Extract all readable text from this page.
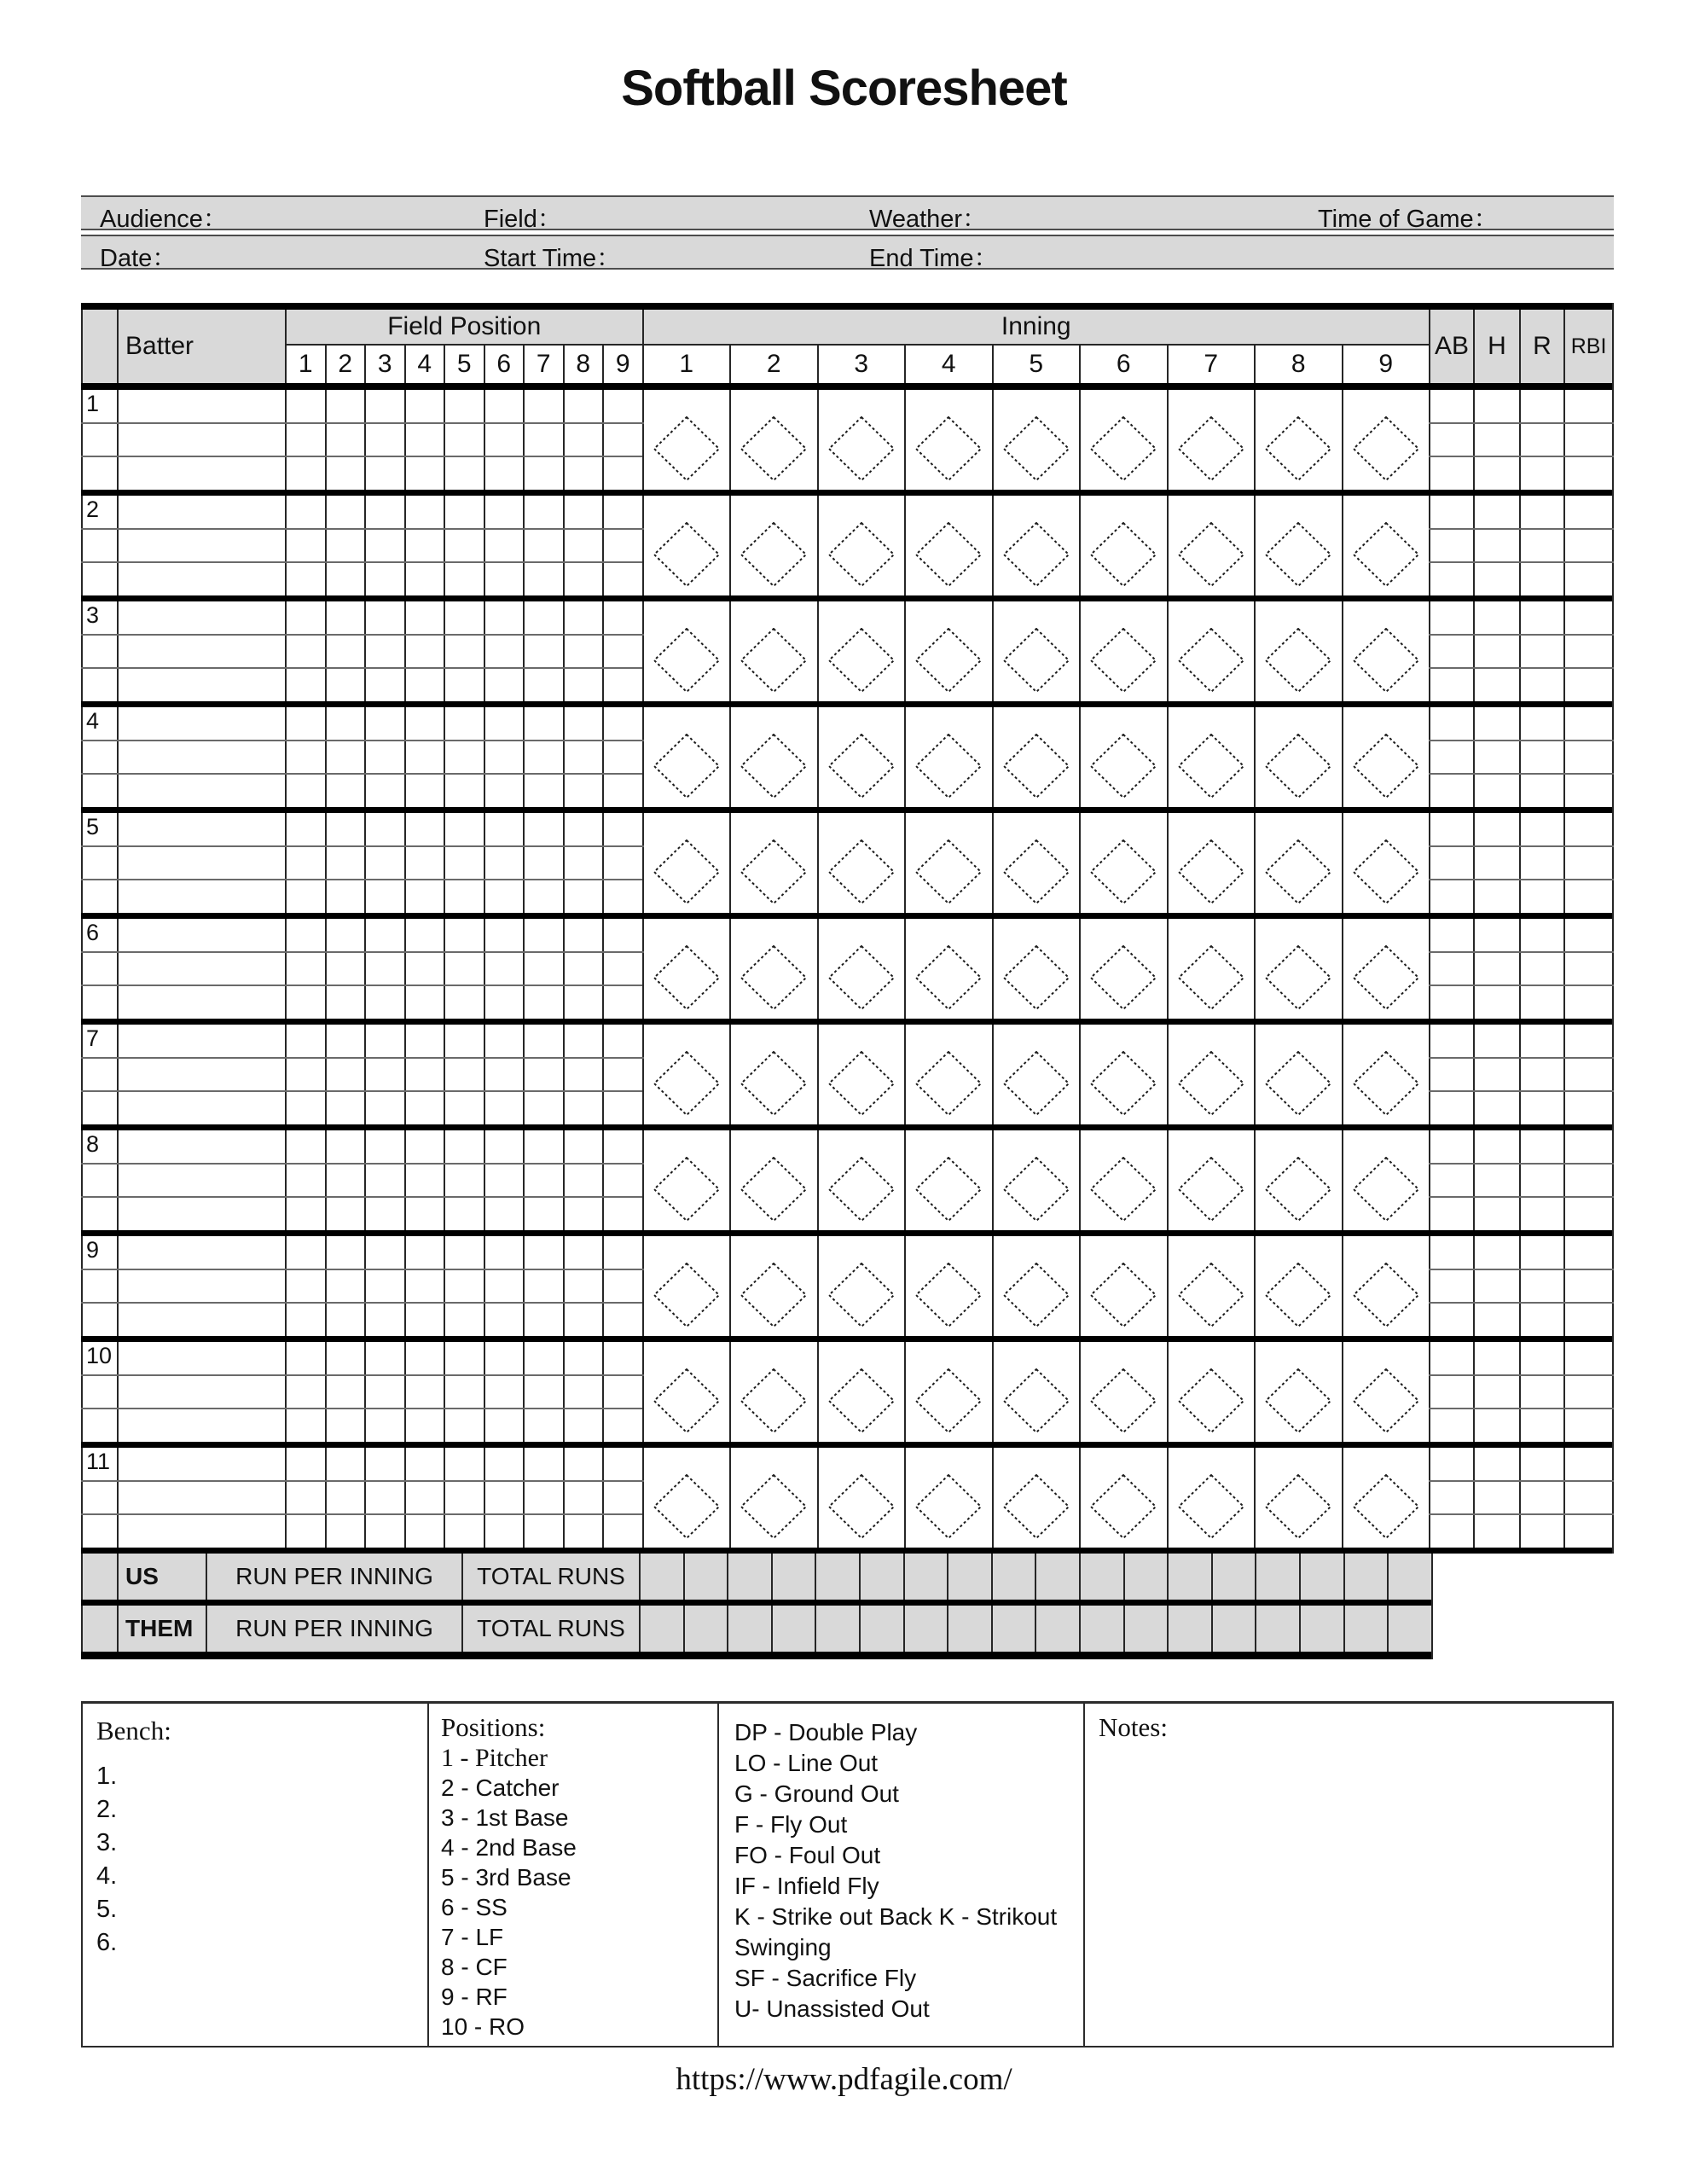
Softball Scoresheet
Audience：	Field：	Weather：	Time of Game：
Date：	Start Time：	End Time：

	Batter	Field Position									Inning									AB	H	R	RBI
		1	2	3	4	5	6	7	8	9	1	2	3	4	5	6	7	8	9				

1																							

2																							

3																							

4																							

5																							

6																							

7																							

8																							

9																							

10																							

11																							

	US	RUN PER INNING	TOTAL RUNS																		

	THEM	RUN PER INNING	TOTAL RUNS																		

Bench:
1.
2.
3.
4.
5.
6.
Positions:
1 - Pitcher
2 - Catcher
3 - 1st Base
4 - 2nd Base
5 - 3rd Base
6 - SS
7 - LF
8 - CF
9 - RF
10 - RO
DP - Double Play
LO - Line Out
G - Ground Out
F - Fly Out
FO - Foul Out
IF - Infield Fly
K - Strike out Back K - Strikout Swinging
SF - Sacrifice Fly
U- Unassisted Out
Notes:
https://www.pdfagile.com/
